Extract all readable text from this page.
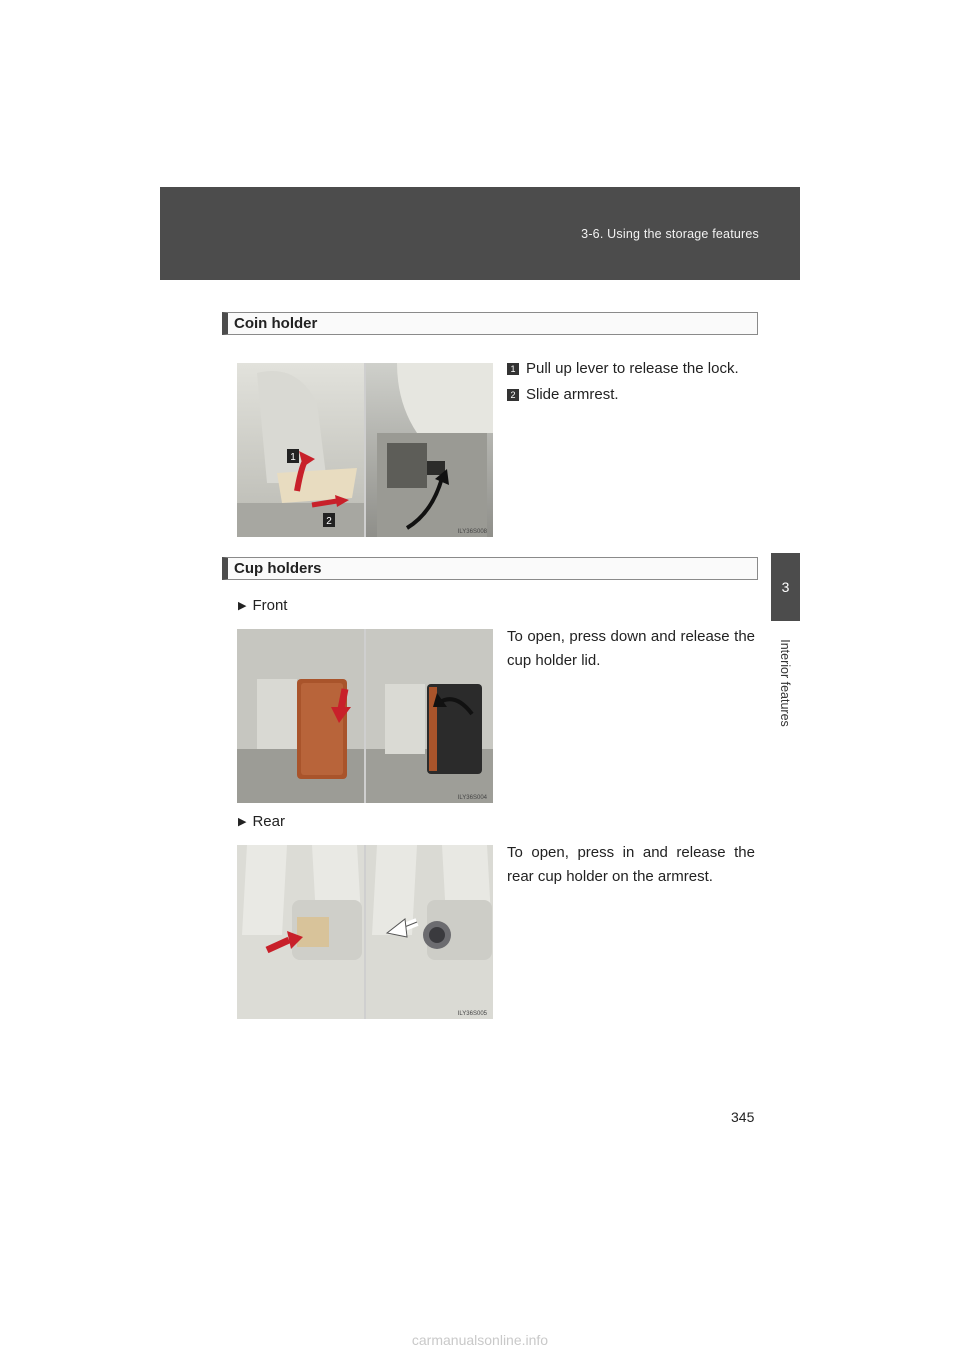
3-6. Using the storage features
3
Interior features
Coin holder
1
2
ILY36S008
1 Pull up lever to release the lock.
2 Slide armrest.
Cup holders
▶ Front
ILY36S004
To open, press down and release the cup holder lid.
▶ Rear
ILY36S005
To open, press in and release the rear cup holder on the armrest.
345
carmanualsonline.info
